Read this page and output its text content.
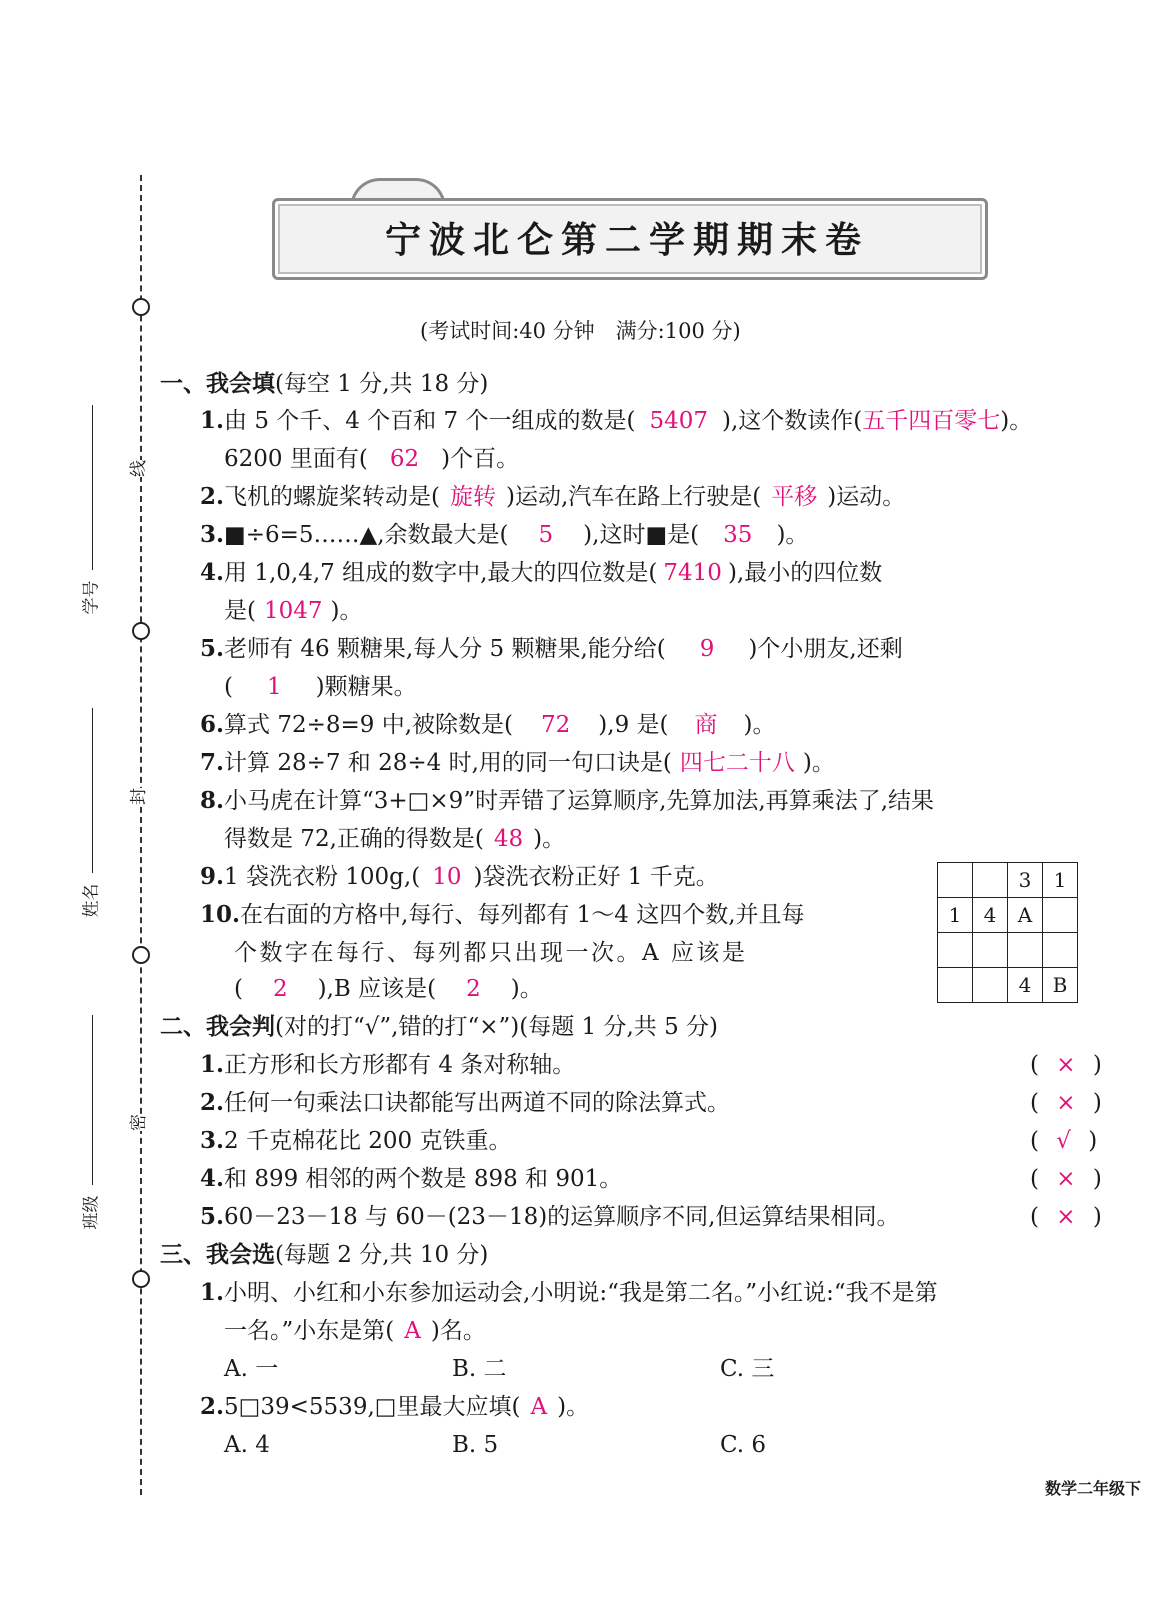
线
封
密
学号
姓名
班级
宁波北仑第二学期期末卷
(考试时间:40 分钟　满分:100 分)
一、我会填(每空 1 分,共 18 分)
1.由 5 个千、4 个百和 7 个一组成的数是( 5407 ),这个数读作(五千四百零七)。
6200 里面有( 62 )个百。
2.飞机的螺旋桨转动是( 旋转 )运动,汽车在路上行驶是( 平移 )运动。
3.■÷6=5……▲,余数最大是( 5 ),这时■是( 35 )。
4.用 1,0,4,7 组成的数字中,最大的四位数是( 7410 ),最小的四位数
是( 1047 )。
5.老师有 46 颗糖果,每人分 5 颗糖果,能分给( 9 )个小朋友,还剩
( 1 )颗糖果。
6.算式 72÷8=9 中,被除数是( 72 ),9 是( 商 )。
7.计算 28÷7 和 28÷4 时,用的同一句口诀是( 四七二十八 )。
8.小马虎在计算“3+□×9”时弄错了运算顺序,先算加法,再算乘法了,结果
得数是 72,正确的得数是( 48 )。
9.1 袋洗衣粉 100g,( 10 )袋洗衣粉正好 1 千克。
10.在右面的方格中,每行、每列都有 1～4 这四个数,并且每
个数字在每行、每列都只出现一次。A 应该是
( 2 ),B 应该是( 2 )。
		3	1
1	4	A	

		4	B
二、我会判(对的打“√”,错的打“×”)(每题 1 分,共 5 分)
1.正方形和长方形都有 4 条对称轴。	( × )
2.任何一句乘法口诀都能写出两道不同的除法算式。	( × )
3.2 千克棉花比 200 克铁重。	( √ )
4.和 899 相邻的两个数是 898 和 901。	( × )
5.60－23－18 与 60－(23－18)的运算顺序不同,但运算结果相同。	( × )
三、我会选(每题 2 分,共 10 分)
1.小明、小红和小东参加运动会,小明说:“我是第二名。”小红说:“我不是第
一名。”小东是第( A )名。
A. 一	B. 二	C. 三
2.5□39<5539,□里最大应填( A )。
A. 4	B. 5	C. 6
数学二年级下
